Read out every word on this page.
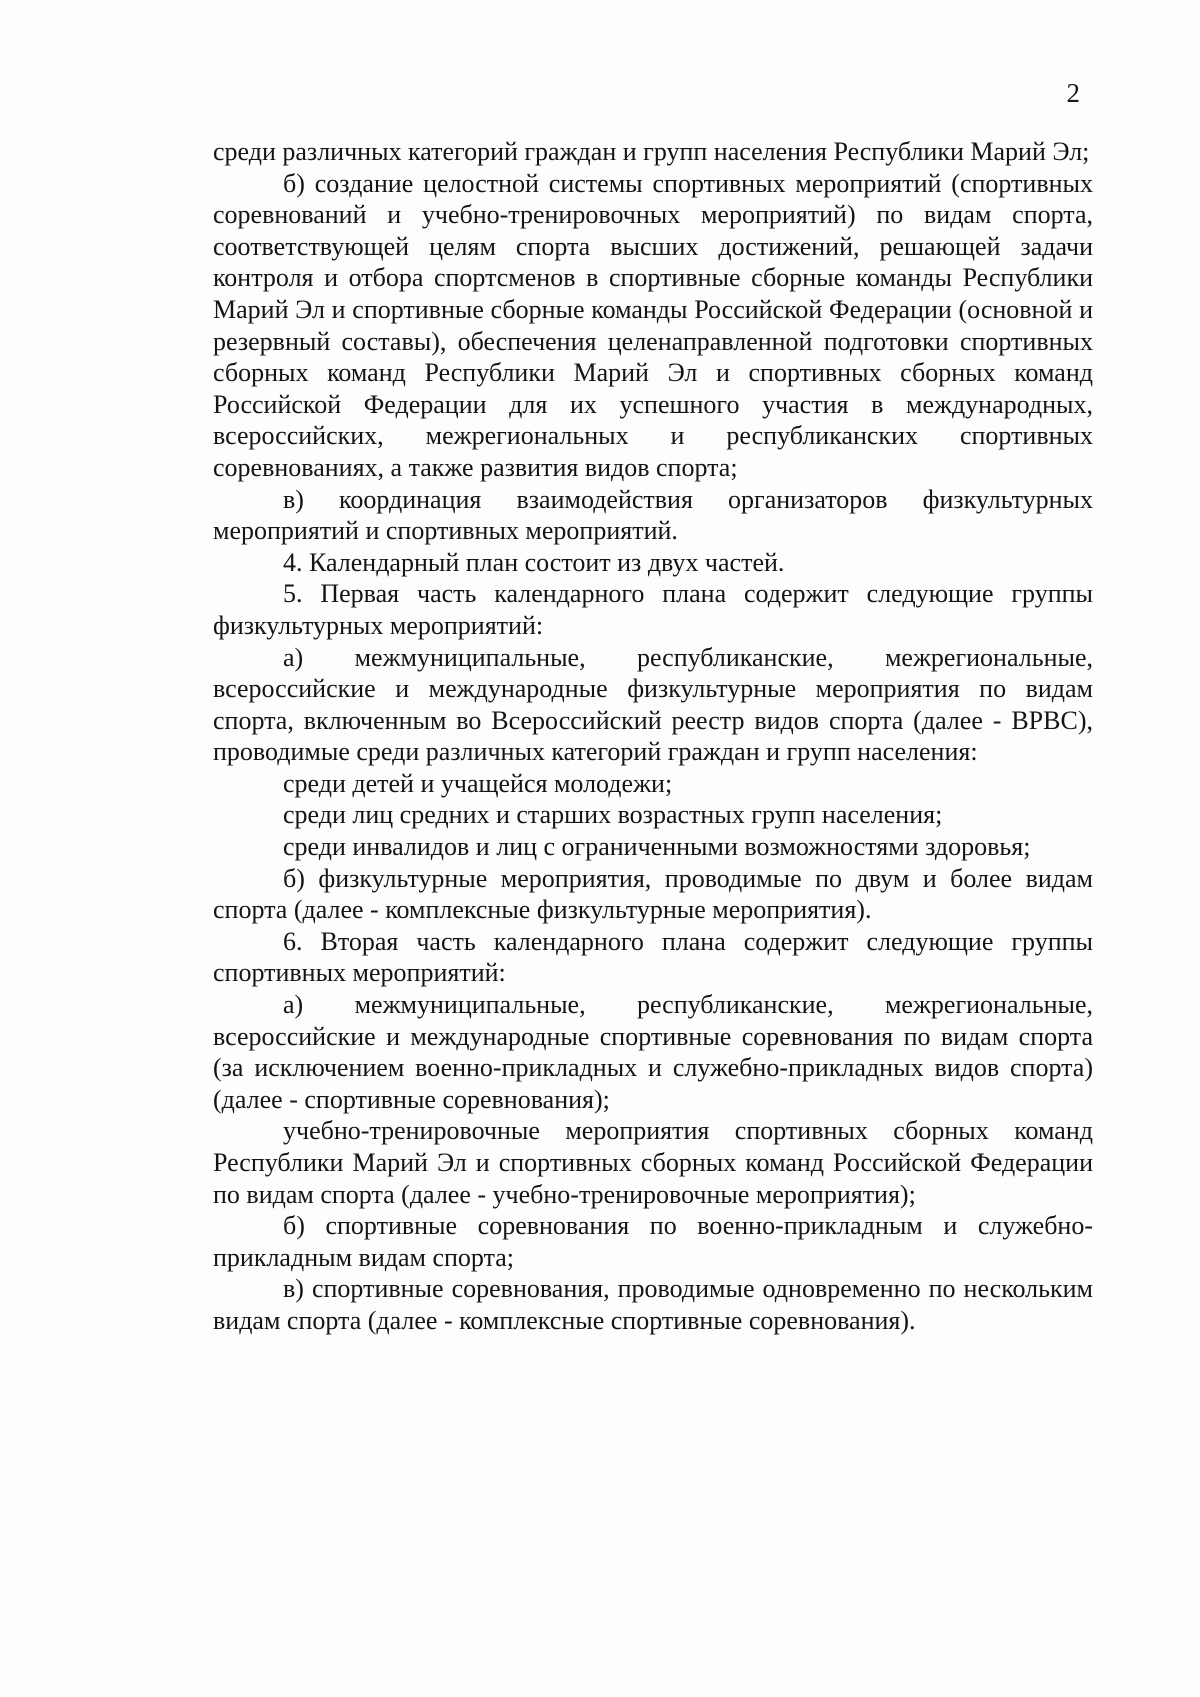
2

среди различных категорий граждан и групп населения Республики Марий Эл;

б) создание целостной системы спортивных мероприятий (спортивных соревнований и учебно-тренировочных мероприятий) по видам спорта, соответствующей целям спорта высших достижений, решающей задачи контроля и отбора спортсменов в спортивные сборные команды Республики Марий Эл и спортивные сборные команды Российской Федерации (основной и резервный составы), обеспечения целенаправленной подготовки спортивных сборных команд Республики Марий Эл и спортивных сборных команд Российской Федерации для их успешного участия в международных, всероссийских, межрегиональных и республиканских спортивных соревнованиях, а также развития видов спорта;

в) координация взаимодействия организаторов физкультурных мероприятий и спортивных мероприятий.

4. Календарный план состоит из двух частей.

5. Первая часть календарного плана содержит следующие группы физкультурных мероприятий:

а) межмуниципальные, республиканские, межрегиональные, всероссийские и международные физкультурные мероприятия по видам спорта, включенным во Всероссийский реестр видов спорта (далее - ВРВС), проводимые среди различных категорий граждан и групп населения:

среди детей и учащейся молодежи;

среди лиц средних и старших возрастных групп населения;

среди инвалидов и лиц с ограниченными возможностями здоровья;

б) физкультурные мероприятия, проводимые по двум и более видам спорта (далее - комплексные физкультурные мероприятия).

6. Вторая часть календарного плана содержит следующие группы спортивных мероприятий:

а) межмуниципальные, республиканские, межрегиональные, всероссийские и международные спортивные соревнования по видам спорта (за исключением военно-прикладных и служебно-прикладных видов спорта) (далее - спортивные соревнования);

учебно-тренировочные мероприятия спортивных сборных команд Республики Марий Эл и спортивных сборных команд Российской Федерации по видам спорта (далее - учебно-тренировочные мероприятия);

б) спортивные соревнования по военно-прикладным и служебно-прикладным видам спорта;

в) спортивные соревнования, проводимые одновременно по нескольким видам спорта (далее - комплексные спортивные соревнования).
